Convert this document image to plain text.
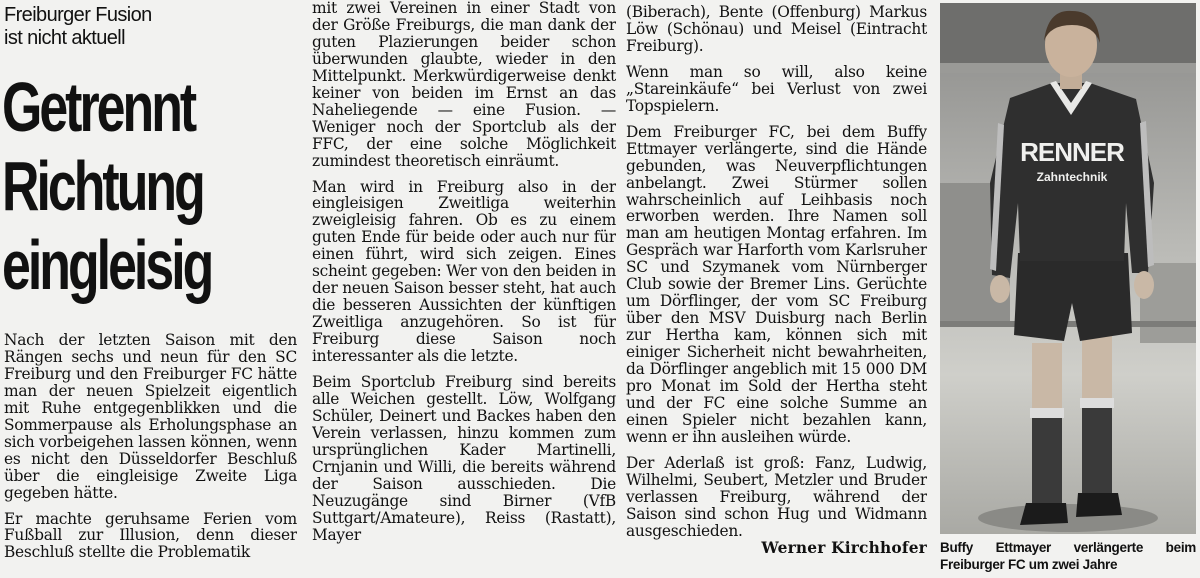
Freiburger Fusion
ist nicht aktuell
Getrennt
Richtung
eingleisig

Nach der letzten Saison mit den Rängen sechs und neun für den SC Freiburg und den Freiburger FC hätte man der neuen Spielzeit eigentlich mit Ruhe entgegenblikken und die Sommerpause als Erholungsphase an sich vorbeigehen lassen können, wenn es nicht den Düsseldorfer Beschluß über die eingleisige Zweite Liga gegeben hätte.

Er machte geruhsame Ferien vom Fußball zur Illusion, denn dieser Beschluß stellte die Problematik

mit zwei Vereinen in einer Stadt von der Größe Freiburgs, die man dank der guten Plazierungen beider schon überwunden glaubte, wieder in den Mittelpunkt. Merkwürdigerweise denkt keiner von beiden im Ernst an das Naheliegende — eine Fusion. — Weniger noch der Sportclub als der FFC, der eine solche Möglichkeit zumindest theoretisch einräumt.

Man wird in Freiburg also in der eingleisigen Zweitliga weiterhin zweigleisig fahren. Ob es zu einem guten Ende für beide oder auch nur für einen führt, wird sich zeigen. Eines scheint gegeben: Wer von den beiden in der neuen Saison besser steht, hat auch die besseren Aussichten der künftigen Zweitliga anzugehören. So ist für Freiburg diese Saison noch interessanter als die letzte.

Beim Sportclub Freiburg sind bereits alle Weichen gestellt. Löw, Wolfgang Schüler, Deinert und Backes haben den Verein verlassen, hinzu kommen zum ursprünglichen Kader Martinelli, Crnjanin und Willi, die bereits während der Saison ausschieden. Die Neuzugänge sind Birner (VfB Suttgart/Amateure), Reiss (Rastatt), Mayer

(Biberach), Bente (Offenburg) Markus Löw (Schönau) und Meisel (Eintracht Freiburg).

Wenn man so will, also keine „Stareinkäufe“ bei Verlust von zwei Topspielern.

Dem Freiburger FC, bei dem Buffy Ettmayer verlängerte, sind die Hände gebunden, was Neuverpflichtungen anbelangt. Zwei Stürmer sollen wahrscheinlich auf Leihbasis noch erworben werden. Ihre Namen soll man am heutigen Montag erfahren. Im Gespräch war Harforth vom Karlsruher SC und Szymanek vom Nürnberger Club sowie der Bremer Lins. Gerüchte um Dörflinger, der vom SC Freiburg über den MSV Duisburg nach Berlin zur Hertha kam, können sich mit einiger Sicherheit nicht bewahrheiten, da Dörflinger angeblich mit 15 000 DM pro Monat im Sold der Hertha steht und der FC eine solche Summe an einen Spieler nicht bezahlen kann, wenn er ihn ausleihen würde.

Der Aderlaß ist groß: Fanz, Ludwig, Wilhelmi, Seubert, Metzler und Bruder verlassen Freiburg, während der Saison sind schon Hug und Widmann ausgeschieden.

Werner Kirchhofer
RENNER
Zahntechnik
Buffy Ettmayer verlängerte beim
Freiburger FC um zwei Jahre
